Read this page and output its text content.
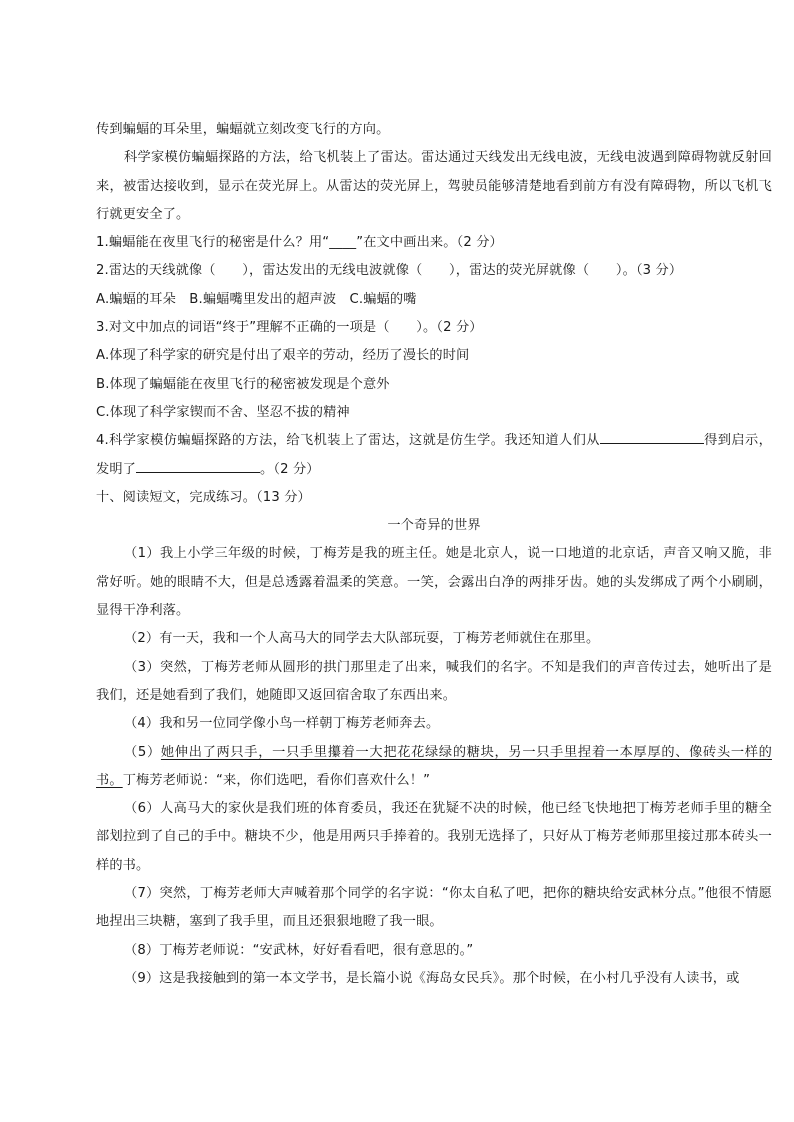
传到蝙蝠的耳朵里，蝙蝠就立刻改变飞行的方向。
科学家模仿蝙蝠探路的方法，给飞机装上了雷达。雷达通过天线发出无线电波，无线电波遇到障碍物就反射回来，被雷达接收到，显示在荧光屏上。从雷达的荧光屏上，驾驶员能够清楚地看到前方有没有障碍物，所以飞机飞行就更安全了。
1.蝙蝠能在夜里飞行的秘密是什么？用“____”在文中画出来。（2 分）
2.雷达的天线就像（　　），雷达发出的无线电波就像（　　），雷达的荧光屏就像（　　）。（3 分）
A.蝙蝠的耳朵　B.蝙蝠嘴里发出的超声波　C.蝙蝠的嘴
3.对文中加点的词语“终于”理解不正确的一项是（　　）。（2 分）
A.体现了科学家的研究是付出了艰辛的劳动，经历了漫长的时间
B.体现了蝙蝠能在夜里飞行的秘密被发现是个意外
C.体现了科学家锲而不舍、坚忍不拔的精神
4.科学家模仿蝙蝠探路的方法，给飞机装上了雷达，这就是仿生学。我还知道人们从	得到启示，发明了	。（2 分）
十、阅读短文，完成练习。（13 分）
一个奇异的世界
（1）我上小学三年级的时候，丁梅芳是我的班主任。她是北京人，说一口地道的北京话，声音又响又脆，非常好听。她的眼睛不大，但是总透露着温柔的笑意。一笑，会露出白净的两排牙齿。她的头发绑成了两个小刷刷，显得干净利落。
（2）有一天，我和一个人高马大的同学去大队部玩耍，丁梅芳老师就住在那里。
（3）突然，丁梅芳老师从圆形的拱门那里走了出来，喊我们的名字。不知是我们的声音传过去，她听出了是我们，还是她看到了我们，她随即又返回宿舍取了东西出来。
（4）我和另一位同学像小鸟一样朝丁梅芳老师奔去。
（5）她伸出了两只手，一只手里攥着一大把花花绿绿的糖块，另一只手里捏着一本厚厚的、像砖头一样的书。丁梅芳老师说：“来，你们选吧，看你们喜欢什么！”
（6）人高马大的家伙是我们班的体育委员，我还在犹疑不决的时候，他已经飞快地把丁梅芳老师手里的糖全部划拉到了自己的手中。糖块不少，他是用两只手捧着的。我别无选择了，只好从丁梅芳老师那里接过那本砖头一样的书。
（7）突然，丁梅芳老师大声喊着那个同学的名字说：“你太自私了吧，把你的糖块给安武林分点。”他很不情愿地捏出三块糖，塞到了我手里，而且还狠狠地瞪了我一眼。
（8）丁梅芳老师说：“安武林，好好看看吧，很有意思的。”
（9）这是我接触到的第一本文学书，是长篇小说《海岛女民兵》。那个时候，在小村几乎没有人读书，或
